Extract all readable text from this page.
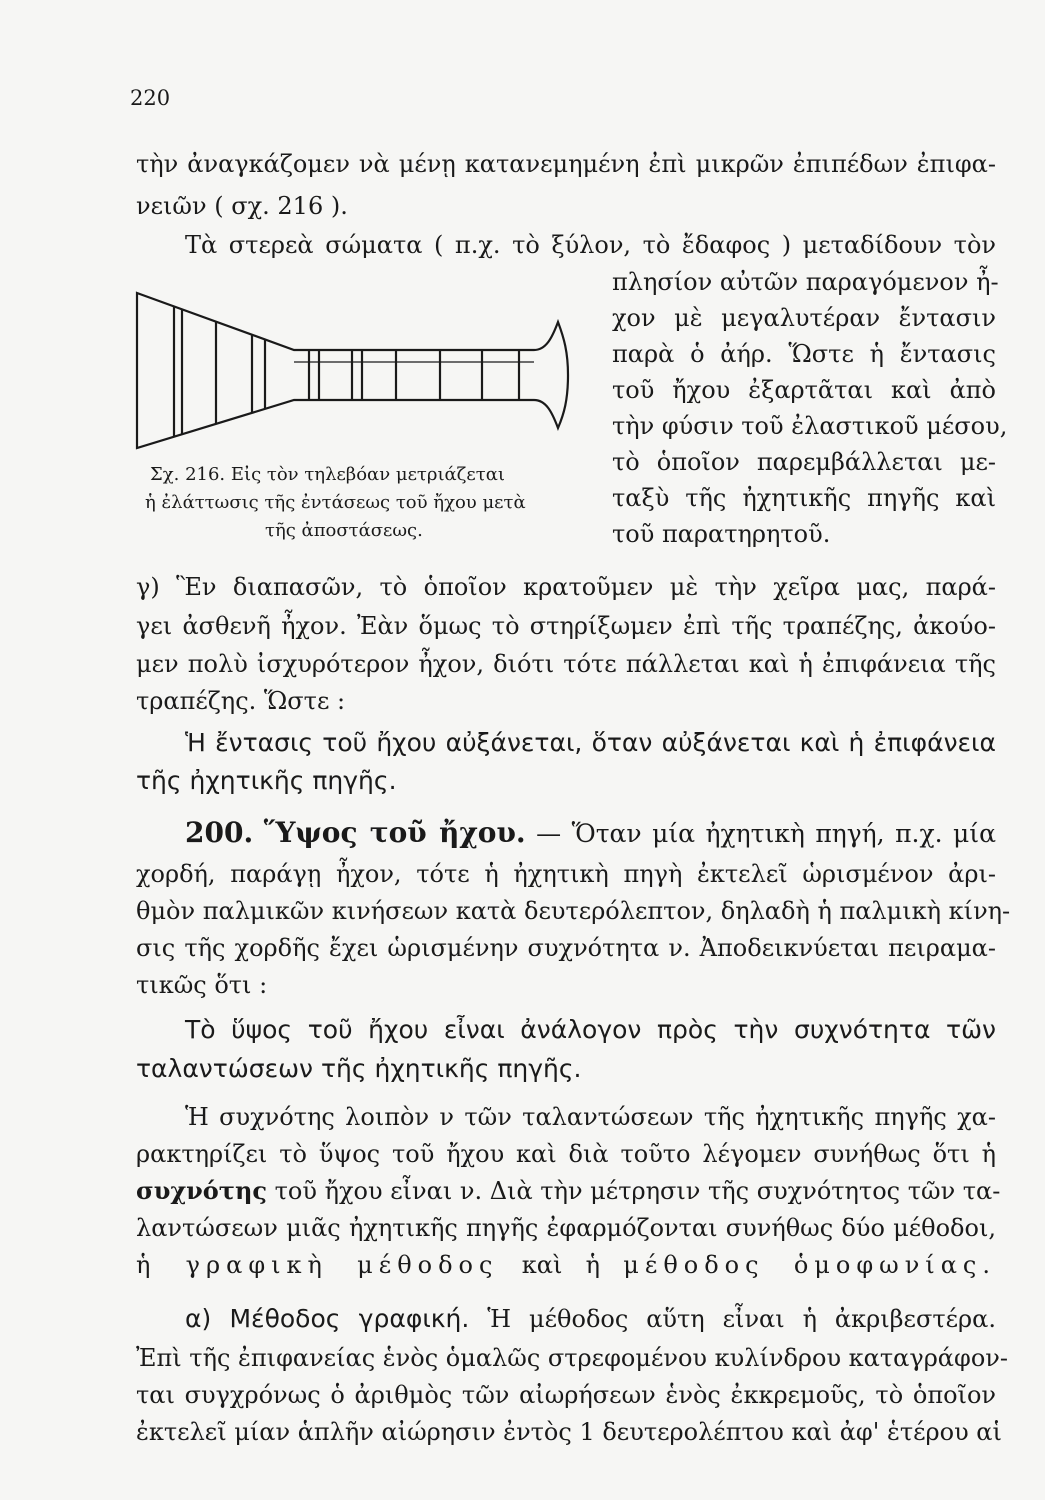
220
τὴν ἀναγκάζομεν νὰ μένῃ κατανεμημένη ἐπὶ μικρῶν ἐπιπέδων ἐπιφα-
νειῶν ( σχ. 216 ).
Τὰ στερεὰ σώματα ( π.χ. τὸ ξύλον, τὸ ἔδαφος ) μεταδίδουν τὸν
πλησίον αὐτῶν παραγόμενον ἦ-
χον μὲ μεγαλυτέραν ἔντασιν
παρὰ ὁ ἀήρ. Ὥστε ἡ ἔντασις
τοῦ ἤχου ἐξαρτᾶται καὶ ἀπὸ
τὴν φύσιν τοῦ ἐλαστικοῦ μέσου,
τὸ ὁποῖον παρεμβάλλεται με-
ταξὺ τῆς ἠχητικῆς πηγῆς καὶ
τοῦ παρατηρητοῦ.
Σχ. 216. Εἰς τὸν τηλεβόαν μετριάζεται
ἡ ἐλάττωσις τῆς ἐντάσεως τοῦ ἤχου μετὰ
τῆς ἀποστάσεως.
γ) Ἓν διαπασῶν, τὸ ὁποῖον κρατοῦμεν μὲ τὴν χεῖρα μας, παρά-
γει ἀσθενῆ ἦχον. Ἐὰν ὅμως τὸ στηρίξωμεν ἐπὶ τῆς τραπέζης, ἀκούο-
μεν πολὺ ἰσχυρότερον ἦχον, διότι τότε πάλλεται καὶ ἡ ἐπιφάνεια τῆς
τραπέζης. Ὥστε :
Ἡ ἔντασις τοῦ ἤχου αὐξάνεται, ὅταν αὐξάνεται καὶ ἡ ἐπιφάνεια
τῆς ἠχητικῆς πηγῆς.
200. Ὕψος τοῦ ἤχου. — Ὅταν μία ἠχητικὴ πηγή, π.χ. μία
χορδή, παράγῃ ἦχον, τότε ἡ ἠχητικὴ πηγὴ ἐκτελεῖ ὡρισμένον ἀρι-
θμὸν παλμικῶν κινήσεων κατὰ δευτερόλεπτον, δηλαδὴ ἡ παλμικὴ κίνη-
σις τῆς χορδῆς ἔχει ὡρισμένην συχνότητα ν. Ἀποδεικνύεται πειραμα-
τικῶς ὅτι :
Τὸ ὕψος τοῦ ἤχου εἶναι ἀνάλογον πρὸς τὴν συχνότητα τῶν
ταλαντώσεων τῆς ἠχητικῆς πηγῆς.
Ἡ συχνότης λοιπὸν ν τῶν ταλαντώσεων τῆς ἠχητικῆς πηγῆς χα-
ρακτηρίζει τὸ ὕψος τοῦ ἤχου καὶ διὰ τοῦτο λέγομεν συνήθως ὅτι ἡ
συχνότης τοῦ ἤχου εἶναι ν. Διὰ τὴν μέτρησιν τῆς συχνότητος τῶν τα-
λαντώσεων μιᾶς ἠχητικῆς πηγῆς ἐφαρμόζονται συνήθως δύο μέθοδοι,
ἡ γραφικὴ μέθοδος καὶ ἡ μέθοδος ὁμοφωνίας.
α) Μέθοδος γραφική. Ἡ μέθοδος αὕτη εἶναι ἡ ἀκριβεστέρα.
Ἐπὶ τῆς ἐπιφανείας ἑνὸς ὁμαλῶς στρεφομένου κυλίνδρου καταγράφον-
ται συγχρόνως ὁ ἀριθμὸς τῶν αἰωρήσεων ἑνὸς ἐκκρεμοῦς, τὸ ὁποῖον
ἐκτελεῖ μίαν ἁπλῆν αἰώρησιν ἐντὸς 1 δευτερολέπτου καὶ ἀφ' ἑτέρου αἱ
